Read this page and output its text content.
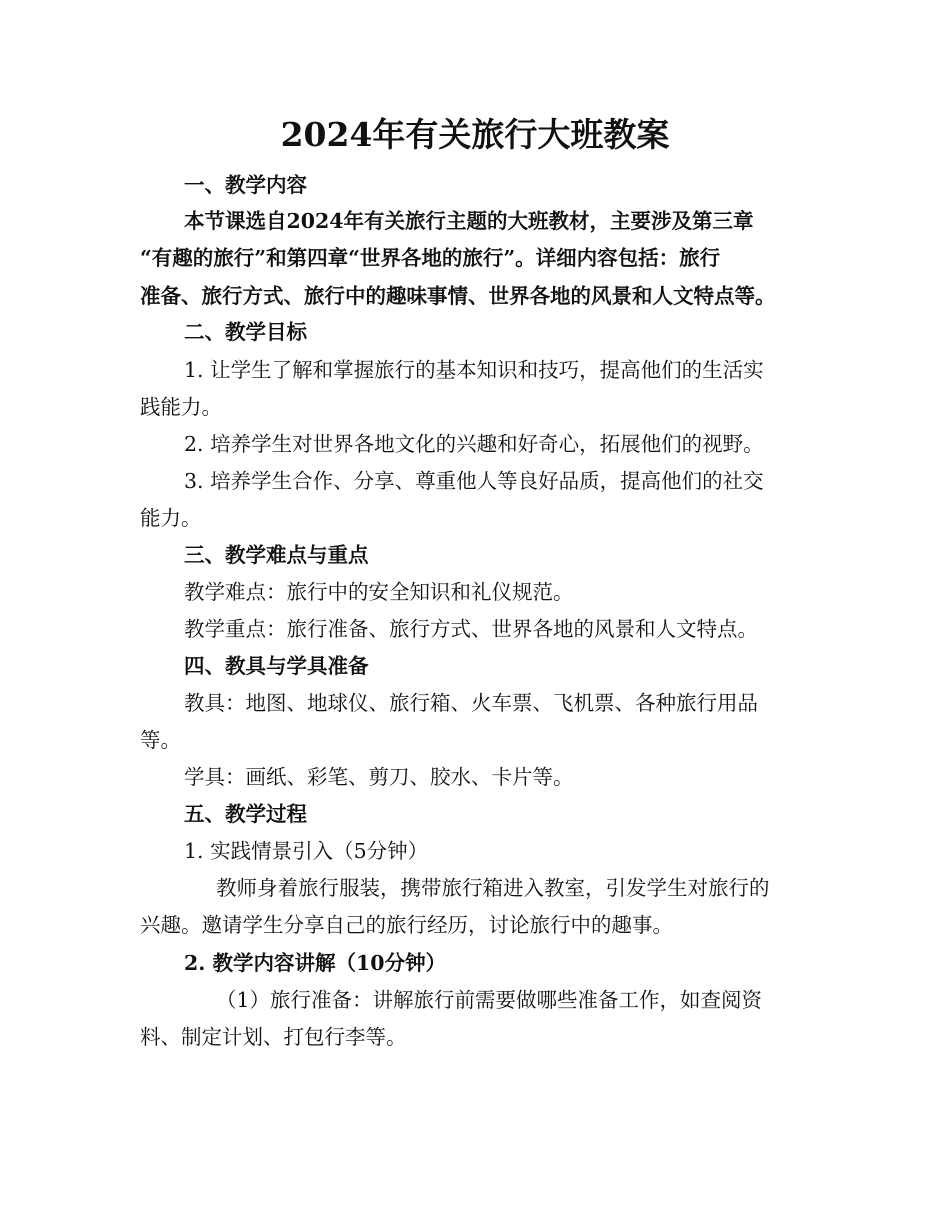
2024年有关旅行大班教案

一、教学内容

本节课选自2024年有关旅行主题的大班教材，主要涉及第三章

“有趣的旅行”和第四章“世界各地的旅行”。详细内容包括：旅行

准备、旅行方式、旅行中的趣味事情、世界各地的风景和人文特点等。

二、教学目标

1. 让学生了解和掌握旅行的基本知识和技巧，提高他们的生活实

践能力。

2. 培养学生对世界各地文化的兴趣和好奇心，拓展他们的视野。

3. 培养学生合作、分享、尊重他人等良好品质，提高他们的社交

能力。

三、教学难点与重点

教学难点：旅行中的安全知识和礼仪规范。

教学重点：旅行准备、旅行方式、世界各地的风景和人文特点。

四、教具与学具准备

教具：地图、地球仪、旅行箱、火车票、飞机票、各种旅行用品

等。

学具：画纸、彩笔、剪刀、胶水、卡片等。

五、教学过程

1. 实践情景引入（5分钟）

教师身着旅行服装，携带旅行箱进入教室，引发学生对旅行的

兴趣。邀请学生分享自己的旅行经历，讨论旅行中的趣事。

2. 教学内容讲解（10分钟）

（1）旅行准备：讲解旅行前需要做哪些准备工作，如查阅资

料、制定计划、打包行李等。
